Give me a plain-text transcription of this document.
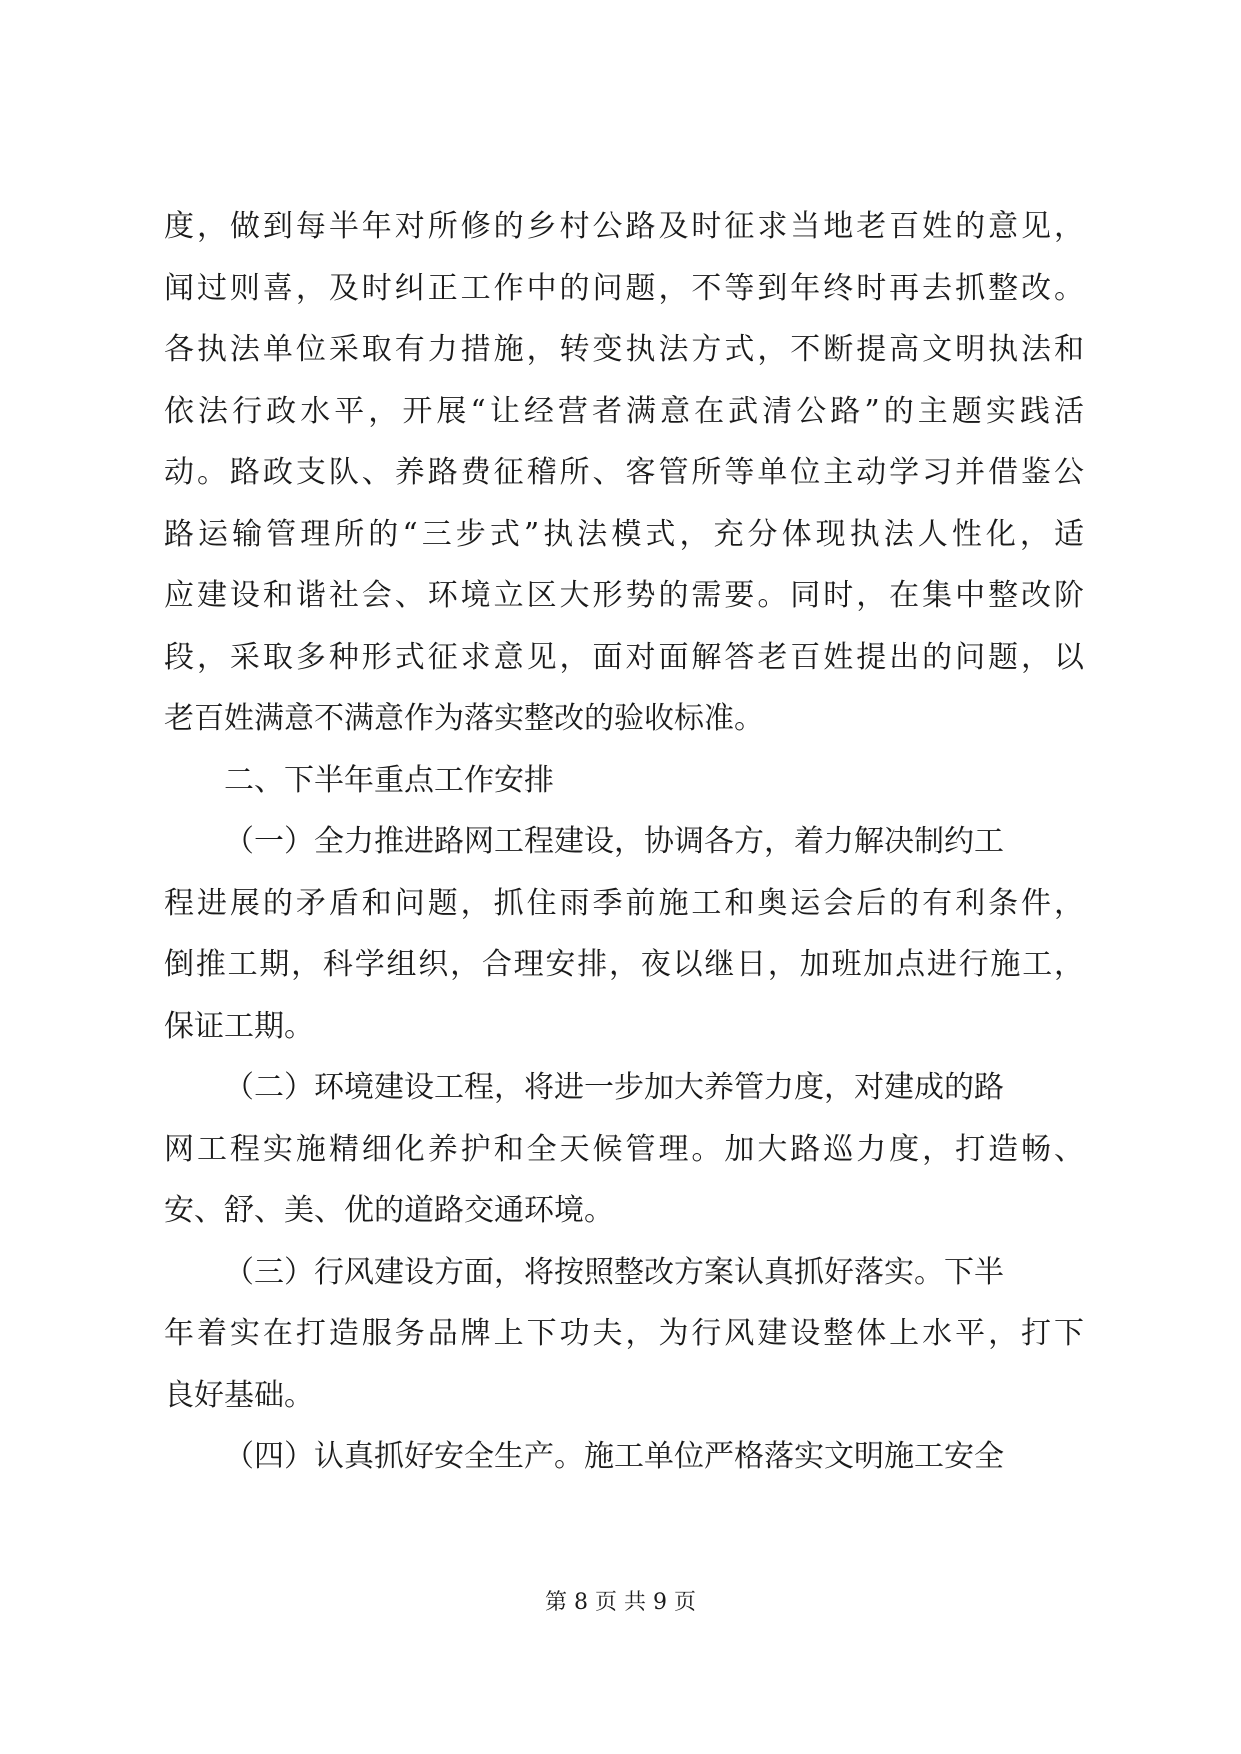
度，做到每半年对所修的乡村公路及时征求当地老百姓的意见，
闻过则喜，及时纠正工作中的问题，不等到年终时再去抓整改。
各执法单位采取有力措施，转变执法方式，不断提高文明执法和
依法行政水平，开展“让经营者满意在武清公路”的主题实践活
动。路政支队、养路费征稽所、客管所等单位主动学习并借鉴公
路运输管理所的“三步式”执法模式，充分体现执法人性化，适
应建设和谐社会、环境立区大形势的需要。同时，在集中整改阶
段，采取多种形式征求意见，面对面解答老百姓提出的问题，以
老百姓满意不满意作为落实整改的验收标准。
二、下半年重点工作安排
（一）全力推进路网工程建设，协调各方，着力解决制约工
程进展的矛盾和问题，抓住雨季前施工和奥运会后的有利条件，
倒推工期，科学组织，合理安排，夜以继日，加班加点进行施工，
保证工期。
（二）环境建设工程，将进一步加大养管力度，对建成的路
网工程实施精细化养护和全天候管理。加大路巡力度，打造畅、
安、舒、美、优的道路交通环境。
（三）行风建设方面，将按照整改方案认真抓好落实。下半
年着实在打造服务品牌上下功夫，为行风建设整体上水平，打下
良好基础。
（四）认真抓好安全生产。施工单位严格落实文明施工安全
第 8 页 共 9 页
